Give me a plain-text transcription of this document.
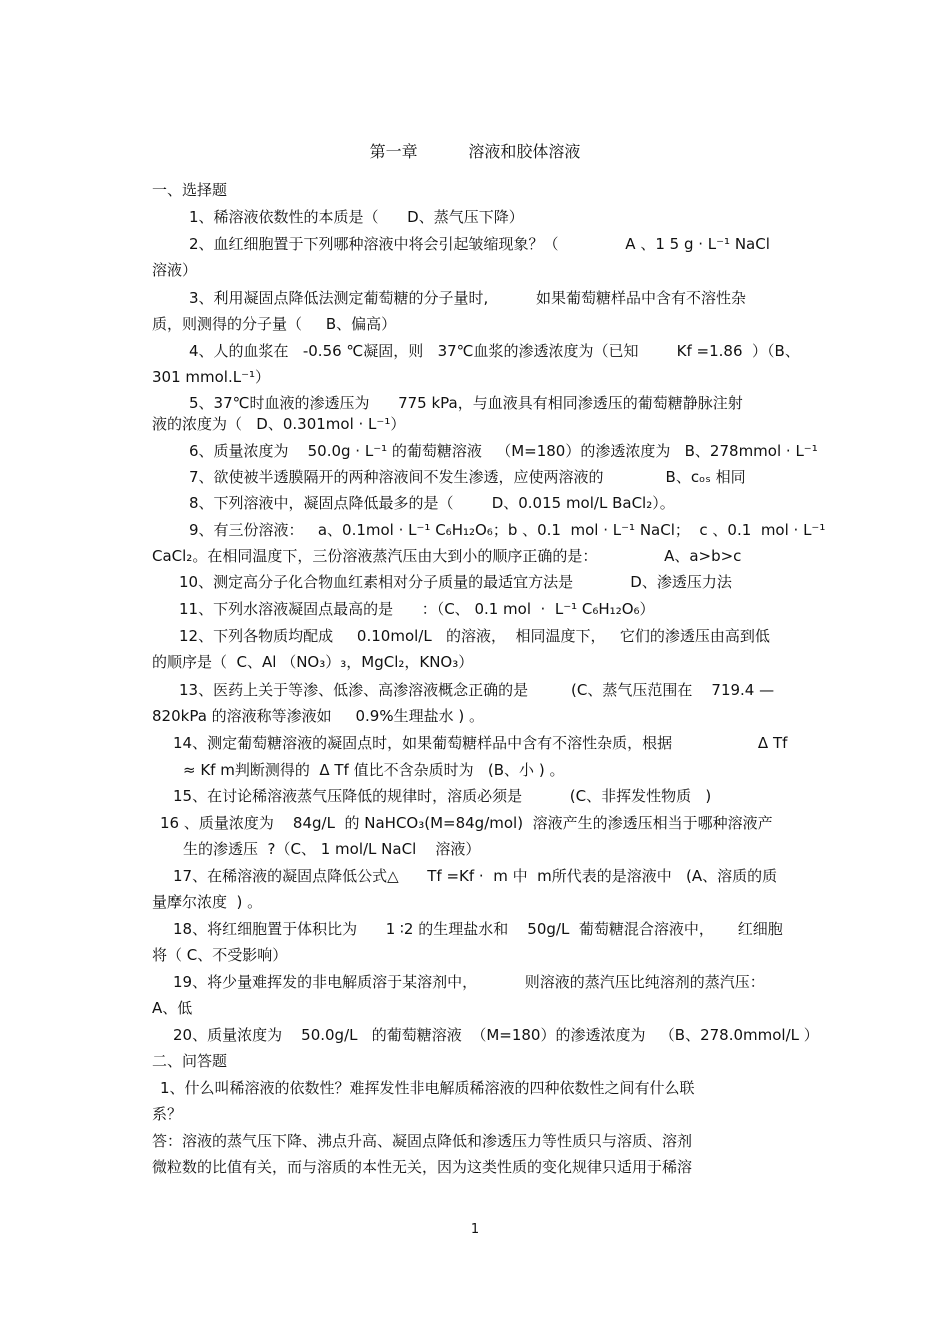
第一章          溶液和胶体溶液
一、选择题
1、稀溶液依数性的本质是（      D、蒸气压下降）
2、血红细胞置于下列哪种溶液中将会引起皱缩现象？（              A 、1 5 g · L⁻¹ NaCl
溶液）
3、利用凝固点降低法测定葡萄糖的分子量时,          如果葡萄糖样品中含有不溶性杂
质，则测得的分子量（     B、偏高）
4、人的血浆在   -0.56 ℃凝固，则   37℃血浆的渗透浓度为（已知        Kf =1.86  ）（B、
301 mmol.L⁻¹）
5、37℃时血液的渗透压为      775 kPa，与血液具有相同渗透压的葡萄糖静脉注射
液的浓度为（   D、0.301mol · L⁻¹）
6、质量浓度为    50.0g · L⁻¹ 的葡萄糖溶液   （M=180）的渗透浓度为   B、278mmol · L⁻¹
7、欲使被半透膜隔开的两种溶液间不发生渗透，应使两溶液的             B、cₒₛ 相同
8、下列溶液中，凝固点降低最多的是（        D、0.015 mol/L BaCl₂）。
9、有三份溶液：   a、0.1mol · L⁻¹ C₆H₁₂O₆；b 、0.1  mol · L⁻¹ NaCl；  c 、0.1  mol · L⁻¹
CaCl₂。在相同温度下，三份溶液蒸汽压由大到小的顺序正确的是：              A、a>b>c
10、测定高分子化合物血红素相对分子质量的最适宜方法是            D、渗透压力法
11、下列水溶液凝固点最高的是      ：（C、 0.1 mol  ·  L⁻¹ C₆H₁₂O₆）
12、下列各物质均配成     0.10mol/L   的溶液，  相同温度下，   它们的渗透压由高到低
的顺序是（  C、Al （NO₃）₃，MgCl₂，KNO₃）
13、医药上关于等渗、低渗、高渗溶液概念正确的是         (C、蒸气压范围在    719.4 —
820kPa 的溶液称等渗液如     0.9%生理盐水 ) 。
14、测定葡萄糖溶液的凝固点时，如果葡萄糖样品中含有不溶性杂质，根据                  Δ Tf
≈ Kf m判断测得的  Δ Tf 值比不含杂质时为   (B、小 ) 。
15、在讨论稀溶液蒸气压降低的规律时，溶质必须是          (C、非挥发性物质   )
16 、质量浓度为    84g/L  的 NaHCO₃(M=84g/mol)  溶液产生的渗透压相当于哪种溶液产
生的渗透压  ?（C、 1 mol/L NaCl    溶液）
17、在稀溶液的凝固点降低公式△      Tf =Kf ·  m 中  m所代表的是溶液中   (A、溶质的质
量摩尔浓度  ) 。
18、将红细胞置于体积比为      1 ∶2 的生理盐水和    50g/L  葡萄糖混合溶液中，     红细胞
将（ C、不受影响）
19、将少量难挥发的非电解质溶于某溶剂中，          则溶液的蒸汽压比纯溶剂的蒸汽压：
A、低
20、质量浓度为    50.0g/L   的葡萄糖溶液  （M=180）的渗透浓度为   （B、278.0mmol/L ）
二、问答题
1、什么叫稀溶液的依数性？难挥发性非电解质稀溶液的四种依数性之间有什么联
系？
答：溶液的蒸气压下降、沸点升高、凝固点降低和渗透压力等性质只与溶质、溶剂
微粒数的比值有关，而与溶质的本性无关，因为这类性质的变化规律只适用于稀溶
1
